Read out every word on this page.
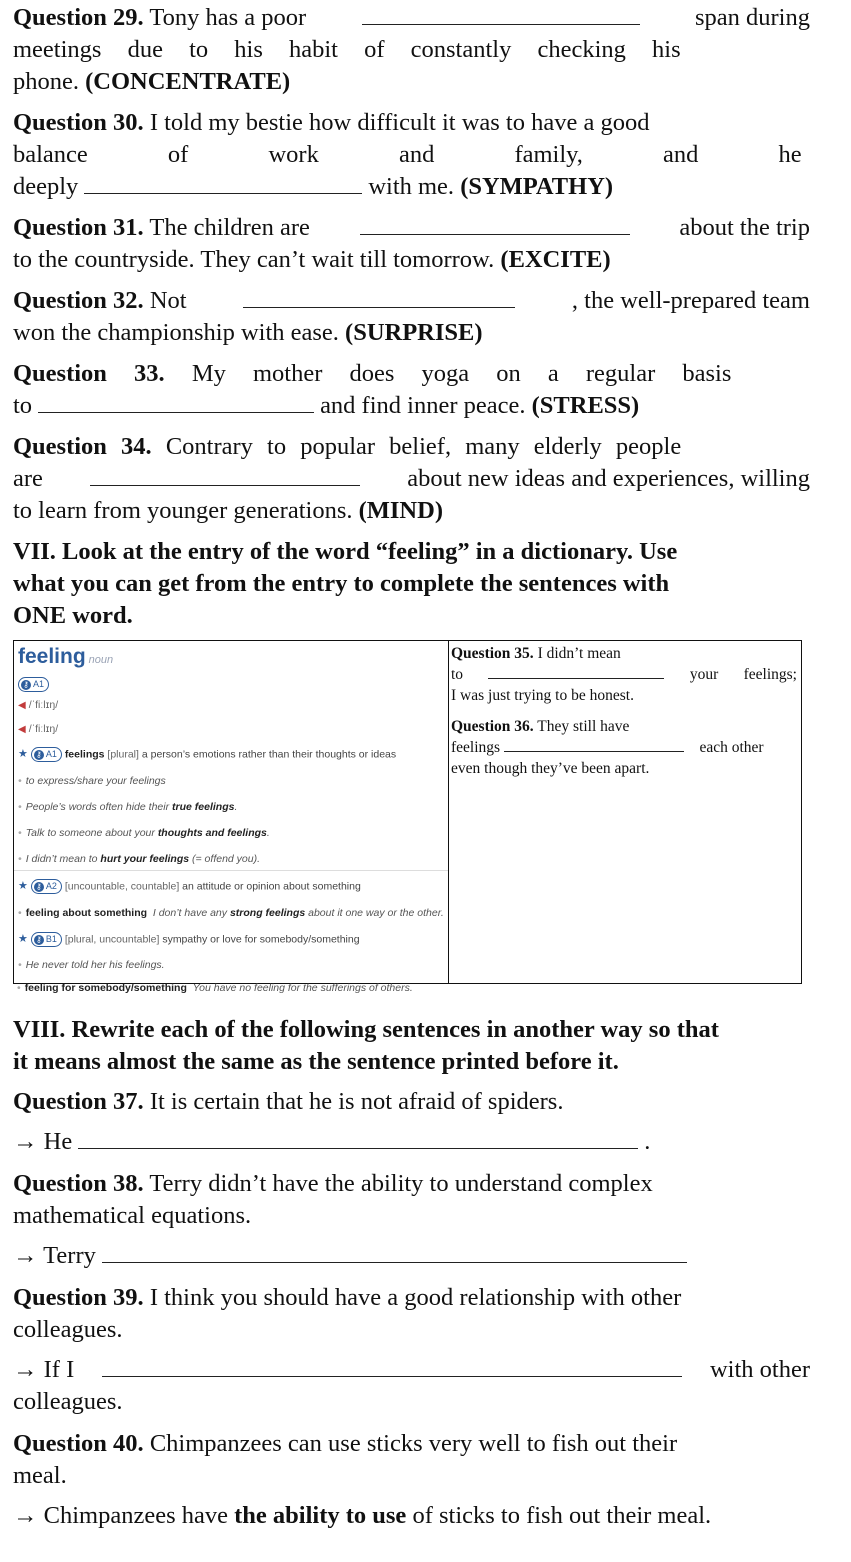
Question 29. Tony has a poor	span during
meetings due to his habit of constantly checking his
phone. (CONCENTRATE)
Question 30. I told my bestie how difficult it was to have a good
balance of work and family, and he
deeply	with me. (SYMPATHY)
Question 31. The children are	about the trip
to the countryside. They can’t wait till tomorrow. (EXCITE)
Question 32. Not	, the well-prepared team
won the championship with ease. (SURPRISE)
Question 33. My mother does yoga on a regular basis
to	and find inner peace. (STRESS)
Question 34. Contrary to popular belief, many elderly people
are	about new ideas and experiences, willing
to learn from younger generations. (MIND)
VII. Look at the entry of the word “feeling” in a dictionary. Use
what you can get from the entry to complete the sentences with
ONE word.
feeling noun
⚷ A1
◀ /ˈfiːlɪŋ/
◀ /ˈfiːlɪŋ/
★ ⚷ A1 feelings [plural] a person’s emotions rather than their thoughts or ideas
• to express/share your feelings
• People’s words often hide their true feelings.
• Talk to someone about your thoughts and feelings.
• I didn’t mean to hurt your feelings (= offend you).
★ ⚷ A2 [uncountable, countable] an attitude or opinion about something
• feeling about something I don’t have any strong feelings about it one way or the other.
★ ⚷ B1 [plural, uncountable] sympathy or love for somebody/something
• He never told her his feelings.
Question 35. I didn’t mean
to	your feelings;
I was just trying to be honest.
Question 36. They still have
feelings	each other
even though they’ve been apart.
VIII. Rewrite each of the following sentences in another way so that
it means almost the same as the sentence printed before it.
Question 37. It is certain that he is not afraid of spiders.
→ He	.
Question 38. Terry didn’t have the ability to understand complex
mathematical equations.
→ Terry
Question 39. I think you should have a good relationship with other
colleagues.
→ If I	with other
colleagues.
Question 40. Chimpanzees can use sticks very well to fish out their
meal.
→ Chimpanzees have the ability to use of sticks to fish out their meal.
• feeling for somebody/something You have no feeling for the sufferings of others.
